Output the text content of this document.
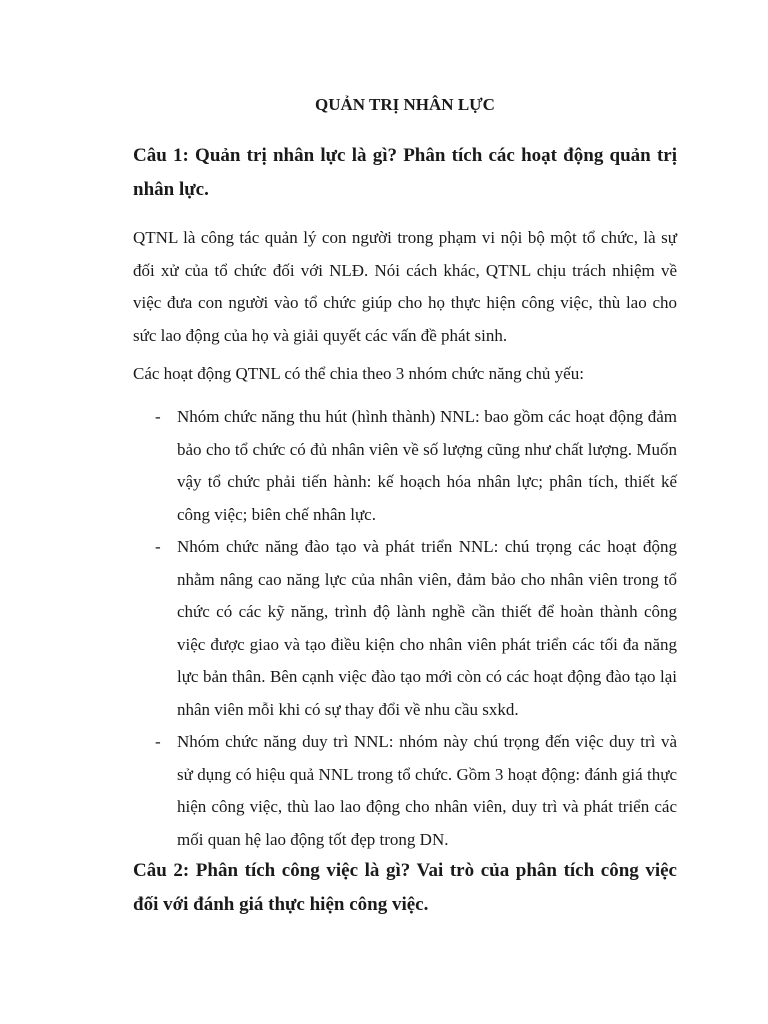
QUẢN TRỊ NHÂN LỰC
Câu 1: Quản trị nhân lực là gì? Phân tích các hoạt động quản trị nhân lực.

QTNL là công tác quản lý con người trong phạm vi nội bộ một tổ chức, là sự đối xử của tổ chức đối với NLĐ. Nói cách khác, QTNL chịu trách nhiệm về việc đưa con người vào tổ chức giúp cho họ thực hiện công việc, thù lao cho sức lao động của họ và giải quyết các vấn đề phát sinh.

Các hoạt động QTNL có thể chia theo 3 nhóm chức năng chủ yếu:

- Nhóm chức năng thu hút (hình thành) NNL: bao gồm các hoạt động đảm bảo cho tổ chức có đủ nhân viên về số lượng cũng như chất lượng. Muốn vậy tổ chức phải tiến hành: kế hoạch hóa nhân lực; phân tích, thiết kế công việc; biên chế nhân lực.
- Nhóm chức năng đào tạo và phát triển NNL: chú trọng các hoạt động nhằm nâng cao năng lực của nhân viên, đảm bảo cho nhân viên trong tổ chức có các kỹ năng, trình độ lành nghề cần thiết để hoàn thành công việc được giao và tạo điều kiện cho nhân viên phát triển các tối đa năng lực bản thân. Bên cạnh việc đào tạo mới còn có các hoạt động đào tạo lại nhân viên mỗi khi có sự thay đổi về nhu cầu sxkd.
- Nhóm chức năng duy trì NNL: nhóm này chú trọng đến việc duy trì và sử dụng có hiệu quả NNL trong tổ chức. Gồm 3 hoạt động: đánh giá thực hiện công việc, thù lao lao động cho nhân viên, duy trì và phát triển các mối quan hệ lao động tốt đẹp trong DN.
Câu 2: Phân tích công việc là gì? Vai trò của phân tích công việc đối với đánh giá thực hiện công việc.
